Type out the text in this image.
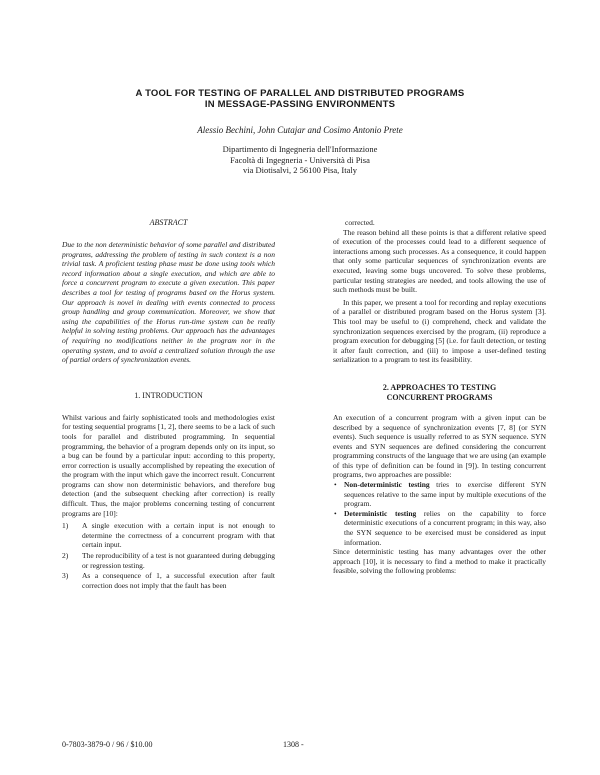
A TOOL FOR TESTING OF PARALLEL AND DISTRIBUTED PROGRAMS
IN MESSAGE-PASSING ENVIRONMENTS
Alessio Bechini, John Cutajar and Cosimo Antonio Prete
Dipartimento di Ingegneria dell'Informazione
Facoltà di Ingegneria - Università di Pisa
via Diotisalvi, 2 56100 Pisa, Italy
ABSTRACT

Due to the non deterministic behavior of some parallel and distributed programs, addressing the problem of testing in such context is a non trivial task. A proficient testing phase must be done using tools which record information about a single execution, and which are able to force a concurrent program to execute a given execution. This paper describes a tool for testing of programs based on the Horus system. Our approach is novel in dealing with events connected to process group handling and group communication. Moreover, we show that using the capabilities of the Horus run-time system can be really helpful in solving testing problems. Our approach has the advantages of requiring no modifications neither in the program nor in the operating system, and to avoid a centralized solution through the use of partial orders of synchronization events.

1. INTRODUCTION

Whilst various and fairly sophisticated tools and methodologies exist for testing sequential programs [1, 2], there seems to be a lack of such tools for parallel and distributed programming. In sequential programming, the behavior of a program depends only on its input, so a bug can be found by a particular input: according to this property, error correction is usually accomplished by repeating the execution of the program with the input which gave the incorrect result. Concurrent programs can show non deterministic behaviors, and therefore bug detection (and the subsequent checking after correction) is really difficult. Thus, the major problems concerning testing of concurrent programs are [10]:

1)	A single execution with a certain input is not enough to determine the correctness of a concurrent program with that certain input.
2)	The reproducibility of a test is not guaranteed during debugging or regression testing.
3)	As a consequence of 1, a successful execution after fault correction does not imply that the fault has been

corrected.

The reason behind all these points is that a different relative speed of execution of the processes could lead to a different sequence of interactions among such processes. As a consequence, it could happen that only some particular sequences of synchronization events are executed, leaving some bugs uncovered. To solve these problems, particular testing strategies are needed, and tools allowing the use of such methods must be built.

In this paper, we present a tool for recording and replay executions of a parallel or distributed program based on the Horus system [3]. This tool may be useful to (i) comprehend, check and validate the synchronization sequences exercised by the program, (ii) reproduce a program execution for debugging [5] (i.e. for fault detection, or testing it after fault correction, and (iii) to impose a user-defined testing serialization to a program to test its feasibility.

2. APPROACHES TO TESTING
CONCURRENT PROGRAMS

An execution of a concurrent program with a given input can be described by a sequence of synchronization events [7, 8] (or SYN events). Such sequence is usually referred to as SYN sequence. SYN events and SYN sequences are defined considering the concurrent programming constructs of the language that we are using (an example of this type of definition can be found in [9]). In testing concurrent programs, two approaches are possible:

• Non-deterministic testing tries to exercise different SYN sequences relative to the same input by multiple executions of the program.
• Deterministic testing relies on the capability to force deterministic executions of a concurrent program; in this way, also the SYN sequence to be exercised must be considered as input information.

Since deterministic testing has many advantages over the other approach [10], it is necessary to find a method to make it practically feasible, solving the following problems:

0-7803-3879-0 / 96 / $10.00	1308 -
